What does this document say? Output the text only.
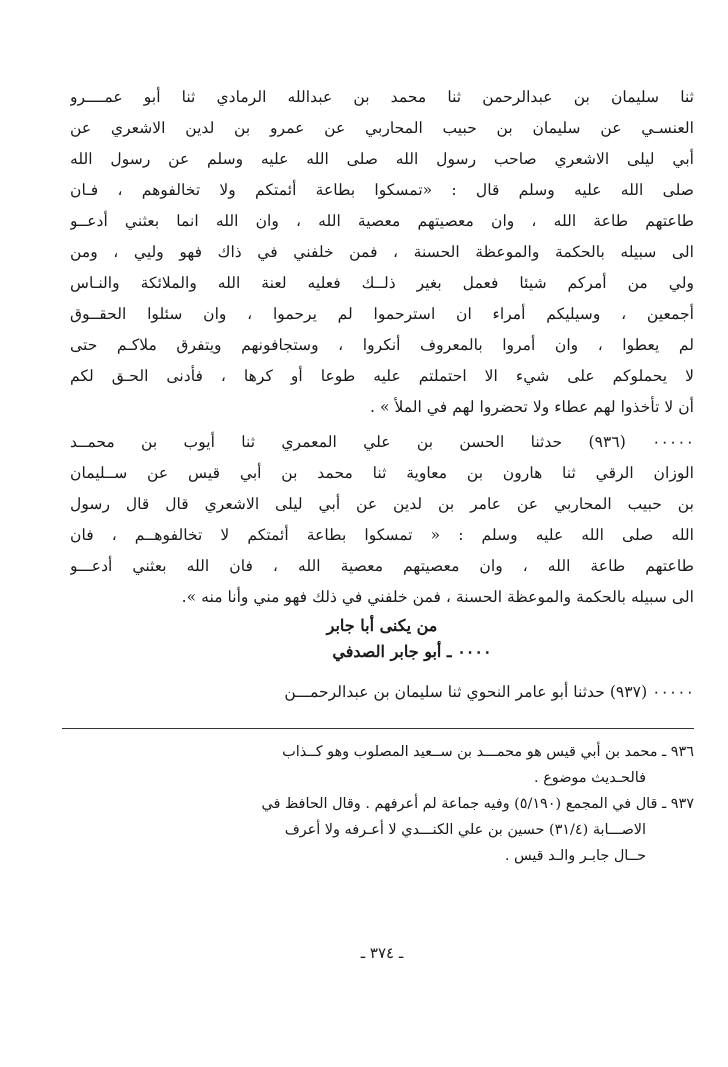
ثنا سليمان بن عبدالرحمن ثنا محمد بن عبدالله الرمادي ثنا أبو عمــــرو
العنسـي عن سليمان بن حبيب المحاربي عن عمرو بن لدين الاشعري عن
أبي ليلى الاشعري صاحب رسول الله صلى الله عليه وسلم عن رسول الله
صلى الله عليه وسلم قال : «تمسكوا بطاعة أئمتكم ولا تخالفوهم ، فـان
طاعتهم طاعة الله ، وان معصيتهم معصية الله ، وان الله انما بعثني أدعــو
الى سبيله بالحكمة والموعظة الحسنة ، فمن خلفني في ذاك فهو وليي ، ومن
ولي من أمركم شيئا فعمل بغير ذلــك فعليه لعنة الله والملائكة والنـاس
أجمعين ، وسيليكم أمراء ان استرحموا لم يرحموا ، وان سئلوا الحقــوق
لم يعطوا ، وان أمروا بالمعروف أنكروا ، وستجافونهم ويتفرق ملاكـم حتى
لا يحملوكم على شيء الا احتملتم عليه طوعا أو كرها ، فأدنى الحـق لكم
أن لا تأخذوا لهم عطاء ولا تحضروا لهم في الملأ » .
٠٠٠٠٠ (٩٣٦) حدثنا الحسن بن علي المعمري ثنا أيوب بن محمــد
الوزان الرقي ثنا هارون بن معاوية ثنا محمد بن أبي قيس عن ســليمان
بن حبيب المحاربي عن عامر بن لدين عن أبي ليلى الاشعري قال قال رسول
الله صلى الله عليه وسلم : « تمسكوا بطاعة أئمتكم لا تخالفوهــم ، فان
طاعتهم طاعة الله ، وان معصيتهم معصية الله ، فان الله بعثني أدعـــو
الى سبيله بالحكمة والموعظة الحسنة ، فمن خلفني في ذلك فهو مني وأنا منه ».
من يكنى أبا جابر
٠٠٠٠ ـ أبو جابر الصدفي
٠٠٠٠٠ (٩٣٧) حدثنا أبو عامر النحوي ثنا سليمان بن عبدالرحمـــن
٩٣٦ ـ محمد بن أبي قيس هو محمـــد بن ســعيد المصلوب وهو كــذاب
فالحـديث موضوع .
٩٣٧ ـ قال في المجمع (٥/١٩٠) وفيه جماعة لم أعرفهم . وقال الحافظ في
الاصـــابة (٣١/٤) حسين بن علي الكنـــدي لا أعـرفه ولا أعرف
حــال جابـر والـد قيس .
ـ ٣٧٤ ـ
